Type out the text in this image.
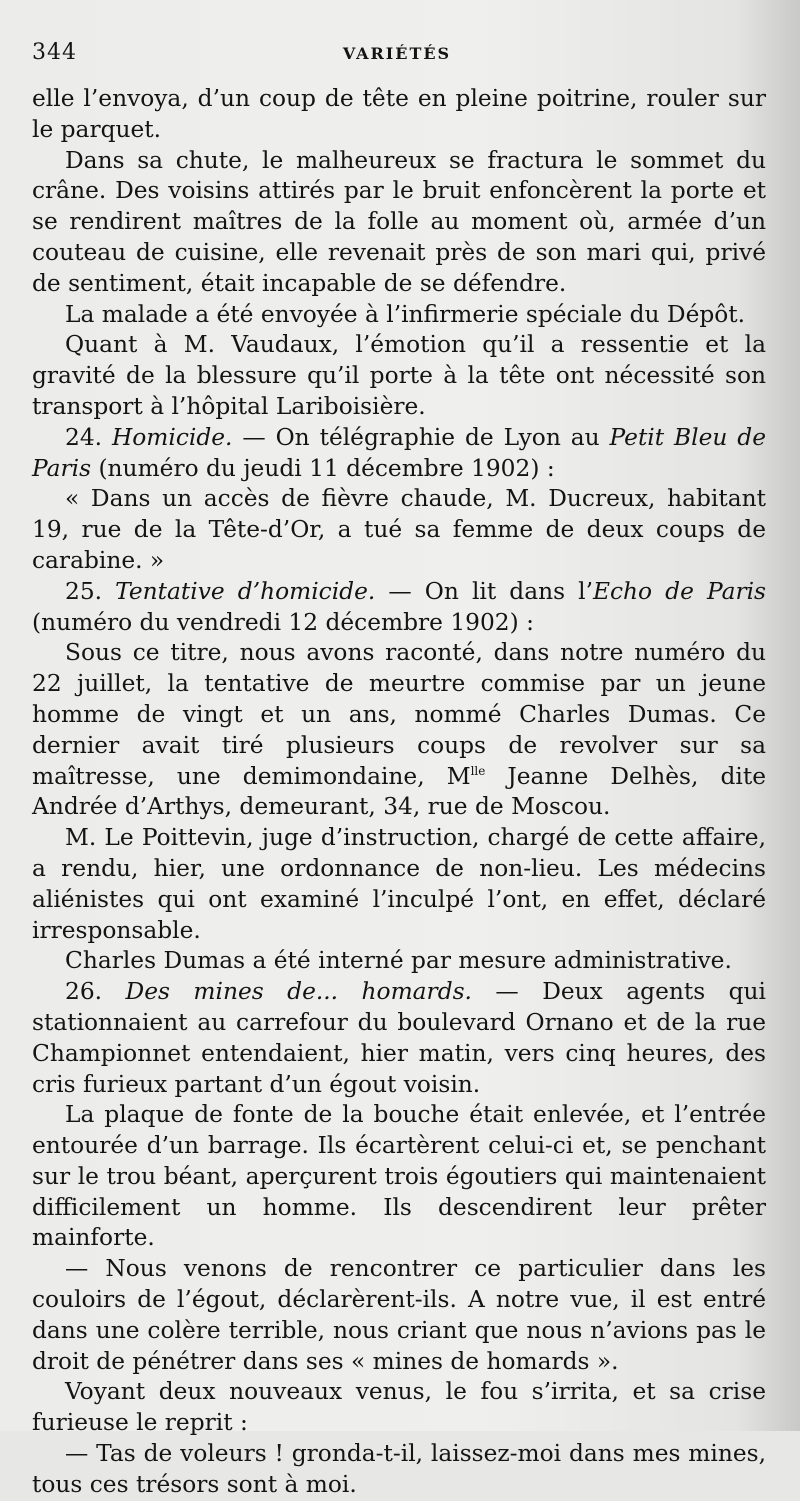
344	VARIÉTÉS

elle l’envoya, d’un coup de tête en pleine poitrine, rouler sur le parquet.

Dans sa chute, le malheureux se fractura le sommet du crâne. Des voisins attirés par le bruit enfoncèrent la porte et se rendirent maîtres de la folle au moment où, armée d’un couteau de cuisine, elle revenait près de son mari qui, privé de sentiment, était incapable de se défendre.

La malade a été envoyée à l’infirmerie spéciale du Dépôt.

Quant à M. Vaudaux, l’émotion qu’il a ressentie et la gravité de la blessure qu’il porte à la tête ont nécessité son transport à l’hôpital Lariboisière.

24. Homicide. — On télégraphie de Lyon au Petit Bleu de Paris (numéro du jeudi 11 décembre 1902) :

« Dans un accès de fièvre chaude, M. Ducreux, habitant 19, rue de la Tête-d’Or, a tué sa femme de deux coups de carabine. »

25. Tentative d’homicide. — On lit dans l’Echo de Paris (numéro du vendredi 12 décembre 1902) :

Sous ce titre, nous avons raconté, dans notre numéro du 22 juillet, la tentative de meurtre commise par un jeune homme de vingt et un ans, nommé Charles Dumas. Ce dernier avait tiré plusieurs coups de revolver sur sa maîtresse, une demimondaine, $M^{lle}$ Jeanne Delhès, dite Andrée d’Arthys, demeurant, 34, rue de Moscou.

M. Le Poittevin, juge d’instruction, chargé de cette affaire, a rendu, hier, une ordonnance de non-lieu. Les médecins aliénistes qui ont examiné l’inculpé l’ont, en effet, déclaré irresponsable.

Charles Dumas a été interné par mesure administrative.

26. Des mines de... homards. — Deux agents qui stationnaient au carrefour du boulevard Ornano et de la rue Championnet entendaient, hier matin, vers cinq heures, des cris furieux partant d’un égout voisin.

La plaque de fonte de la bouche était enlevée, et l’entrée entourée d’un barrage. Ils écartèrent celui-ci et, se penchant sur le trou béant, aperçurent trois égoutiers qui maintenaient difficilement un homme. Ils descendirent leur prêter mainforte.

— Nous venons de rencontrer ce particulier dans les couloirs de l’égout, déclarèrent-ils. A notre vue, il est entré dans une colère terrible, nous criant que nous n’avions pas le droit de pénétrer dans ses « mines de homards ».

Voyant deux nouveaux venus, le fou s’irrita, et sa crise furieuse le reprit :

— Tas de voleurs ! gronda-t-il, laissez-moi dans mes mines, tous ces trésors sont à moi.
